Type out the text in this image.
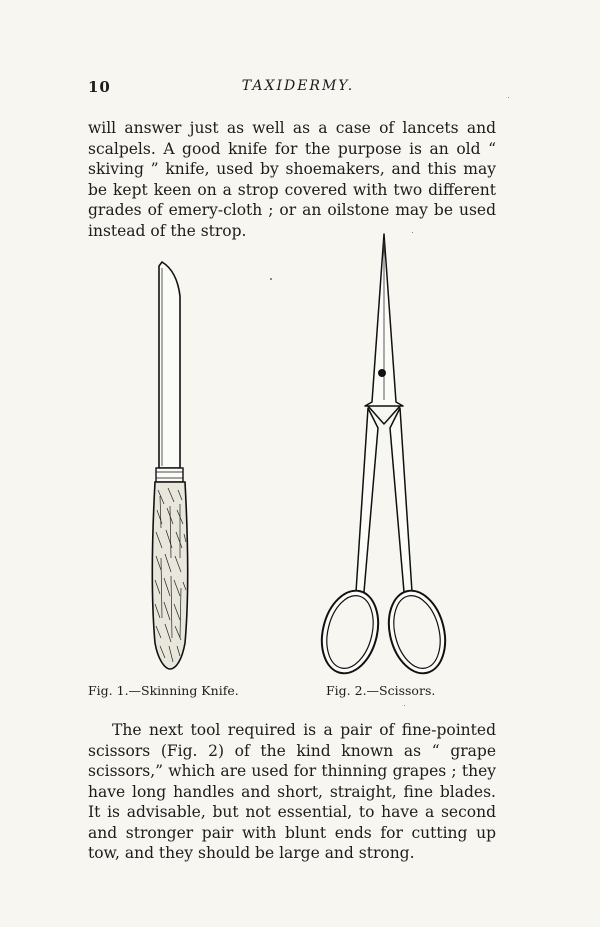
10	TAXIDERMY.

will answer just as well as a case of lancets and scalpels. A good knife for the purpose is an old “ skiving ” knife, used by shoemakers, and this may be kept keen on a strop covered with two different grades of emery-cloth ; or an oilstone may be used instead of the strop.

Fig. 1.—Skinning Knife.	Fig. 2.—Scissors.

The next tool required is a pair of fine-pointed scissors (Fig. 2) of the kind known as “ grape scissors,” which are used for thinning grapes ; they have long handles and short, straight, fine blades. It is advisable, but not essential, to have a second and stronger pair with blunt ends for cutting up tow, and they should be large and strong.
